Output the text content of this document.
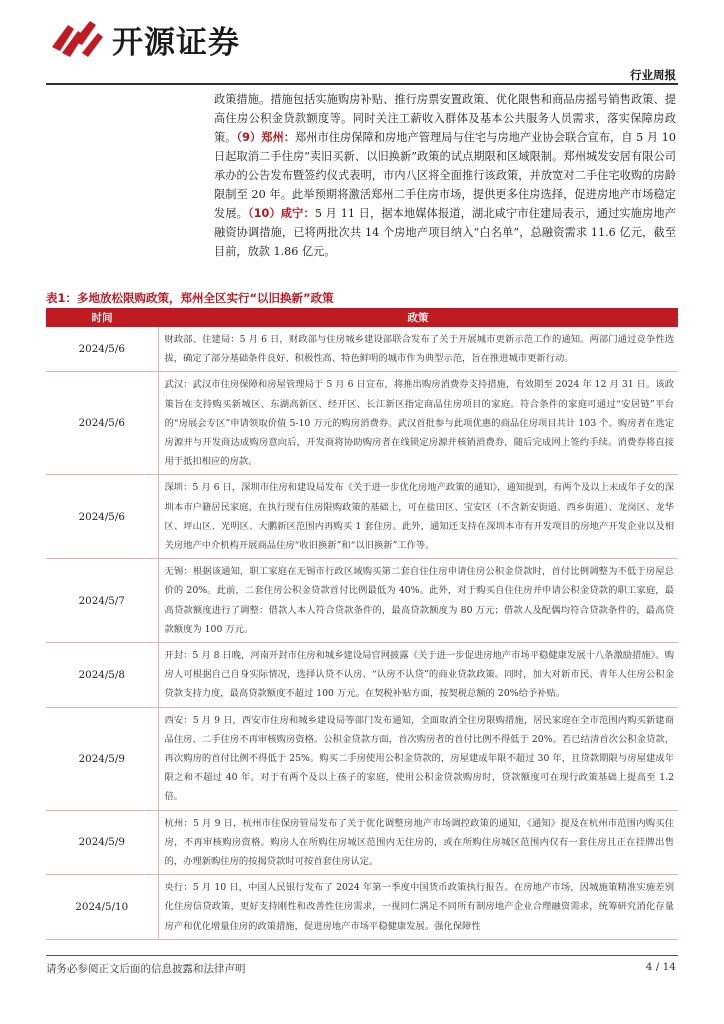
开源证券
行业周报
政策措施。措施包括实施购房补贴、推行房票安置政策、优化限售和商品房摇号销售政策、提高住房公积金贷款额度等。同时关注工薪收入群体及基本公共服务人员需求，落实保障房政策。（9）郑州：郑州市住房保障和房地产管理局与住宅与房地产业协会联合宣布，自 5 月 10 日起取消二手住房“卖旧买新、以旧换新”政策的试点期限和区域限制。郑州城发安居有限公司承办的公告发布暨签约仪式表明，市内八区将全面推行该政策，并放宽对二手住宅收购的房龄限制至 20 年。此举预期将激活郑州二手住房市场，提供更多住房选择，促进房地产市场稳定发展。（10）咸宁：5 月 11 日，据本地媒体报道，湖北咸宁市住建局表示，通过实施房地产融资协调措施，已将两批次共 14 个房地产项目纳入“白名单”，总融资需求 11.6 亿元，截至目前，放款 1.86 亿元。
表1：多地放松限购政策，郑州全区实行“以旧换新”政策
时间	政策
2024/5/6	财政部、住建局：5 月 6 日，财政部与住房城乡建设部联合发布了关于开展城市更新示范工作的通知。两部门通过竞争性选拔，确定了部分基础条件良好、积极性高、特色鲜明的城市作为典型示范，旨在推进城市更新行动。
2024/5/6	武汉：武汉市住房保障和房屋管理局于 5 月 6 日宣布，将推出购房消费券支持措施，有效期至 2024 年 12 月 31 日。该政策旨在支持购买新城区、东湖高新区、经开区、长江新区指定商品住房项目的家庭。符合条件的家庭可通过“安居链”平台的“房展会专区”申请领取价值 5-10 万元的购房消费券。武汉首批参与此项优惠的商品住房项目共计 103 个。购房者在选定房源并与开发商达成购房意向后，开发商将协助购房者在线锁定房源并核销消费券，随后完成网上签约手续。消费券将直接用于抵扣相应的房款。
2024/5/6	深圳：5 月 6 日，深圳市住房和建设局发布《关于进一步优化房地产政策的通知》，通知提到，有两个及以上未成年子女的深圳本市户籍居民家庭，在执行现有住房限购政策的基础上，可在盐田区、宝安区（不含新安街道、西乡街道）、龙岗区、龙华区、坪山区、光明区、大鹏新区范围内再购买 1 套住房。此外，通知还支持在深圳本市有开发项目的房地产开发企业以及相关房地产中介机构开展商品住房“收旧换新”和“以旧换新”工作等。
2024/5/7	无锡：根据该通知，职工家庭在无锡市行政区域购买第二套自住住房申请住房公积金贷款时，首付比例调整为不低于房屋总价的 20%。此前，二套住房公积金贷款首付比例最低为 40%。此外，对于购买自住住房并申请公积金贷款的职工家庭，最高贷款额度进行了调整：借款人本人符合贷款条件的，最高贷款额度为 80 万元；借款人及配偶均符合贷款条件的，最高贷款额度为 100 万元。
2024/5/8	开封：5 月 8 日晚，河南开封市住房和城乡建设局官网披露《关于进一步促进房地产市场平稳健康发展十八条激励措施》。购房人可根据自己自身实际情况，选择认贷不认房、“认房不认贷”的商业贷款政策。同时，加大对新市民、青年人住房公积金贷款支持力度，最高贷款额度不超过 100 万元。在契税补贴方面，按契税总额的 20%给予补贴。
2024/5/9	西安：5 月 9 日，西安市住房和城乡建设局等部门发布通知，全面取消全住房限购措施，居民家庭在全市范围内购买新建商品住房、二手住房不再审核购房资格。公积金贷款方面，首次购房者的首付比例不得低于 20%。若已结清首次公积金贷款，再次购房的首付比例不得低于 25%。购买二手房使用公积金贷款的，房屋建成年限不超过 30 年，且贷款期限与房屋建成年限之和不超过 40 年。对于有两个及以上孩子的家庭，使用公积金贷款购房时，贷款额度可在现行政策基础上提高至 1.2 倍。
2024/5/9	杭州：5 月 9 日，杭州市住保房管局发布了关于优化调整房地产市场调控政策的通知，《通知》提及在杭州市范围内购买住房，不再审核购房资格。购房人在所购住房城区范围内无住房的，或在所购住房城区范围内仅有一套住房且正在挂牌出售的，办理新购住房的按揭贷款时可按首套住房认定。
2024/5/10	央行：5 月 10 日，中国人民银行发布了 2024 年第一季度中国货币政策执行报告。在房地产市场，因城施策精准实施差别化住房信贷政策，更好支持刚性和改善性住房需求，一视同仁满足不同所有制房地产企业合理融资需求，统筹研究消化存量房产和优化增量住房的政策措施，促进房地产市场平稳健康发展。强化保障性
请务必参阅正文后面的信息披露和法律声明	4 / 14
